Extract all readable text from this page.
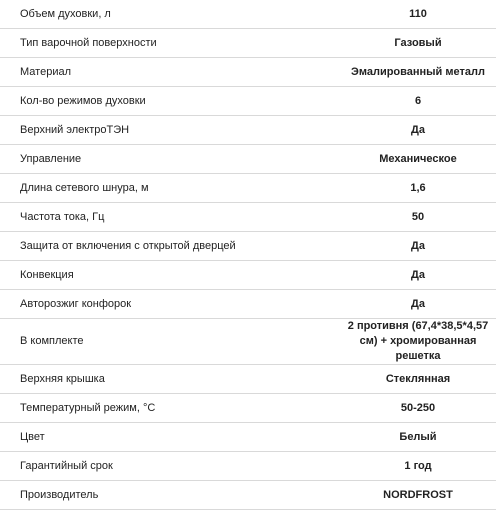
Объем духовки, л	110
Тип варочной поверхности	Газовый
Материал	Эмалированный металл
Кол-во режимов духовки	6
Верхний электроТЭН	Да
Управление	Механическое
Длина сетевого шнура, м	1,6
Частота тока, Гц	50
Защита от включения с открытой дверцей	Да
Конвекция	Да
Авторозжиг конфорок	Да
В комплекте	2 противня (67,4*38,5*4,57 см) + хромированная решетка
Верхняя крышка	Стеклянная
Температурный режим, °С	50-250
Цвет	Белый
Гарантийный срок	1 год
Производитель	NORDFROST
